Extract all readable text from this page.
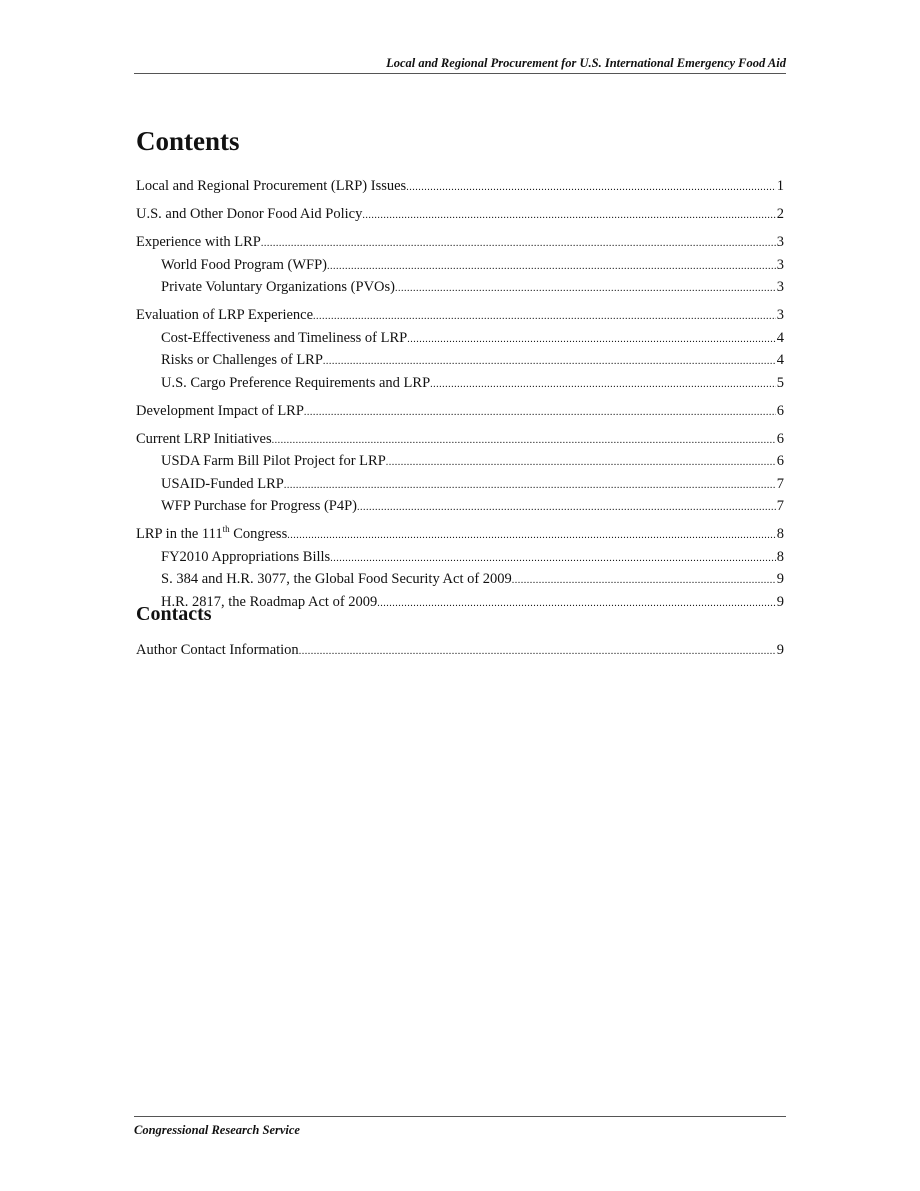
Local and Regional Procurement for U.S. International Emergency Food Aid
Contents
Local and Regional Procurement (LRP) Issues .....	1
U.S. and Other Donor Food Aid Policy .....	2
Experience with LRP .....	3
World Food Program (WFP) .....	3
Private Voluntary Organizations (PVOs) .....	3
Evaluation of LRP Experience .....	3
Cost-Effectiveness and Timeliness of LRP .....	4
Risks or Challenges of LRP .....	4
U.S. Cargo Preference Requirements and LRP .....	5
Development Impact of LRP .....	6
Current LRP Initiatives .....	6
USDA Farm Bill Pilot Project for LRP .....	6
USAID-Funded LRP .....	7
WFP Purchase for Progress (P4P) .....	7
LRP in the 111th Congress .....	8
FY2010 Appropriations Bills .....	8
S. 384 and H.R. 3077, the Global Food Security Act of 2009 .....	9
H.R. 2817, the Roadmap Act of 2009 .....	9
Contacts
Author Contact Information .....	9
Congressional Research Service
